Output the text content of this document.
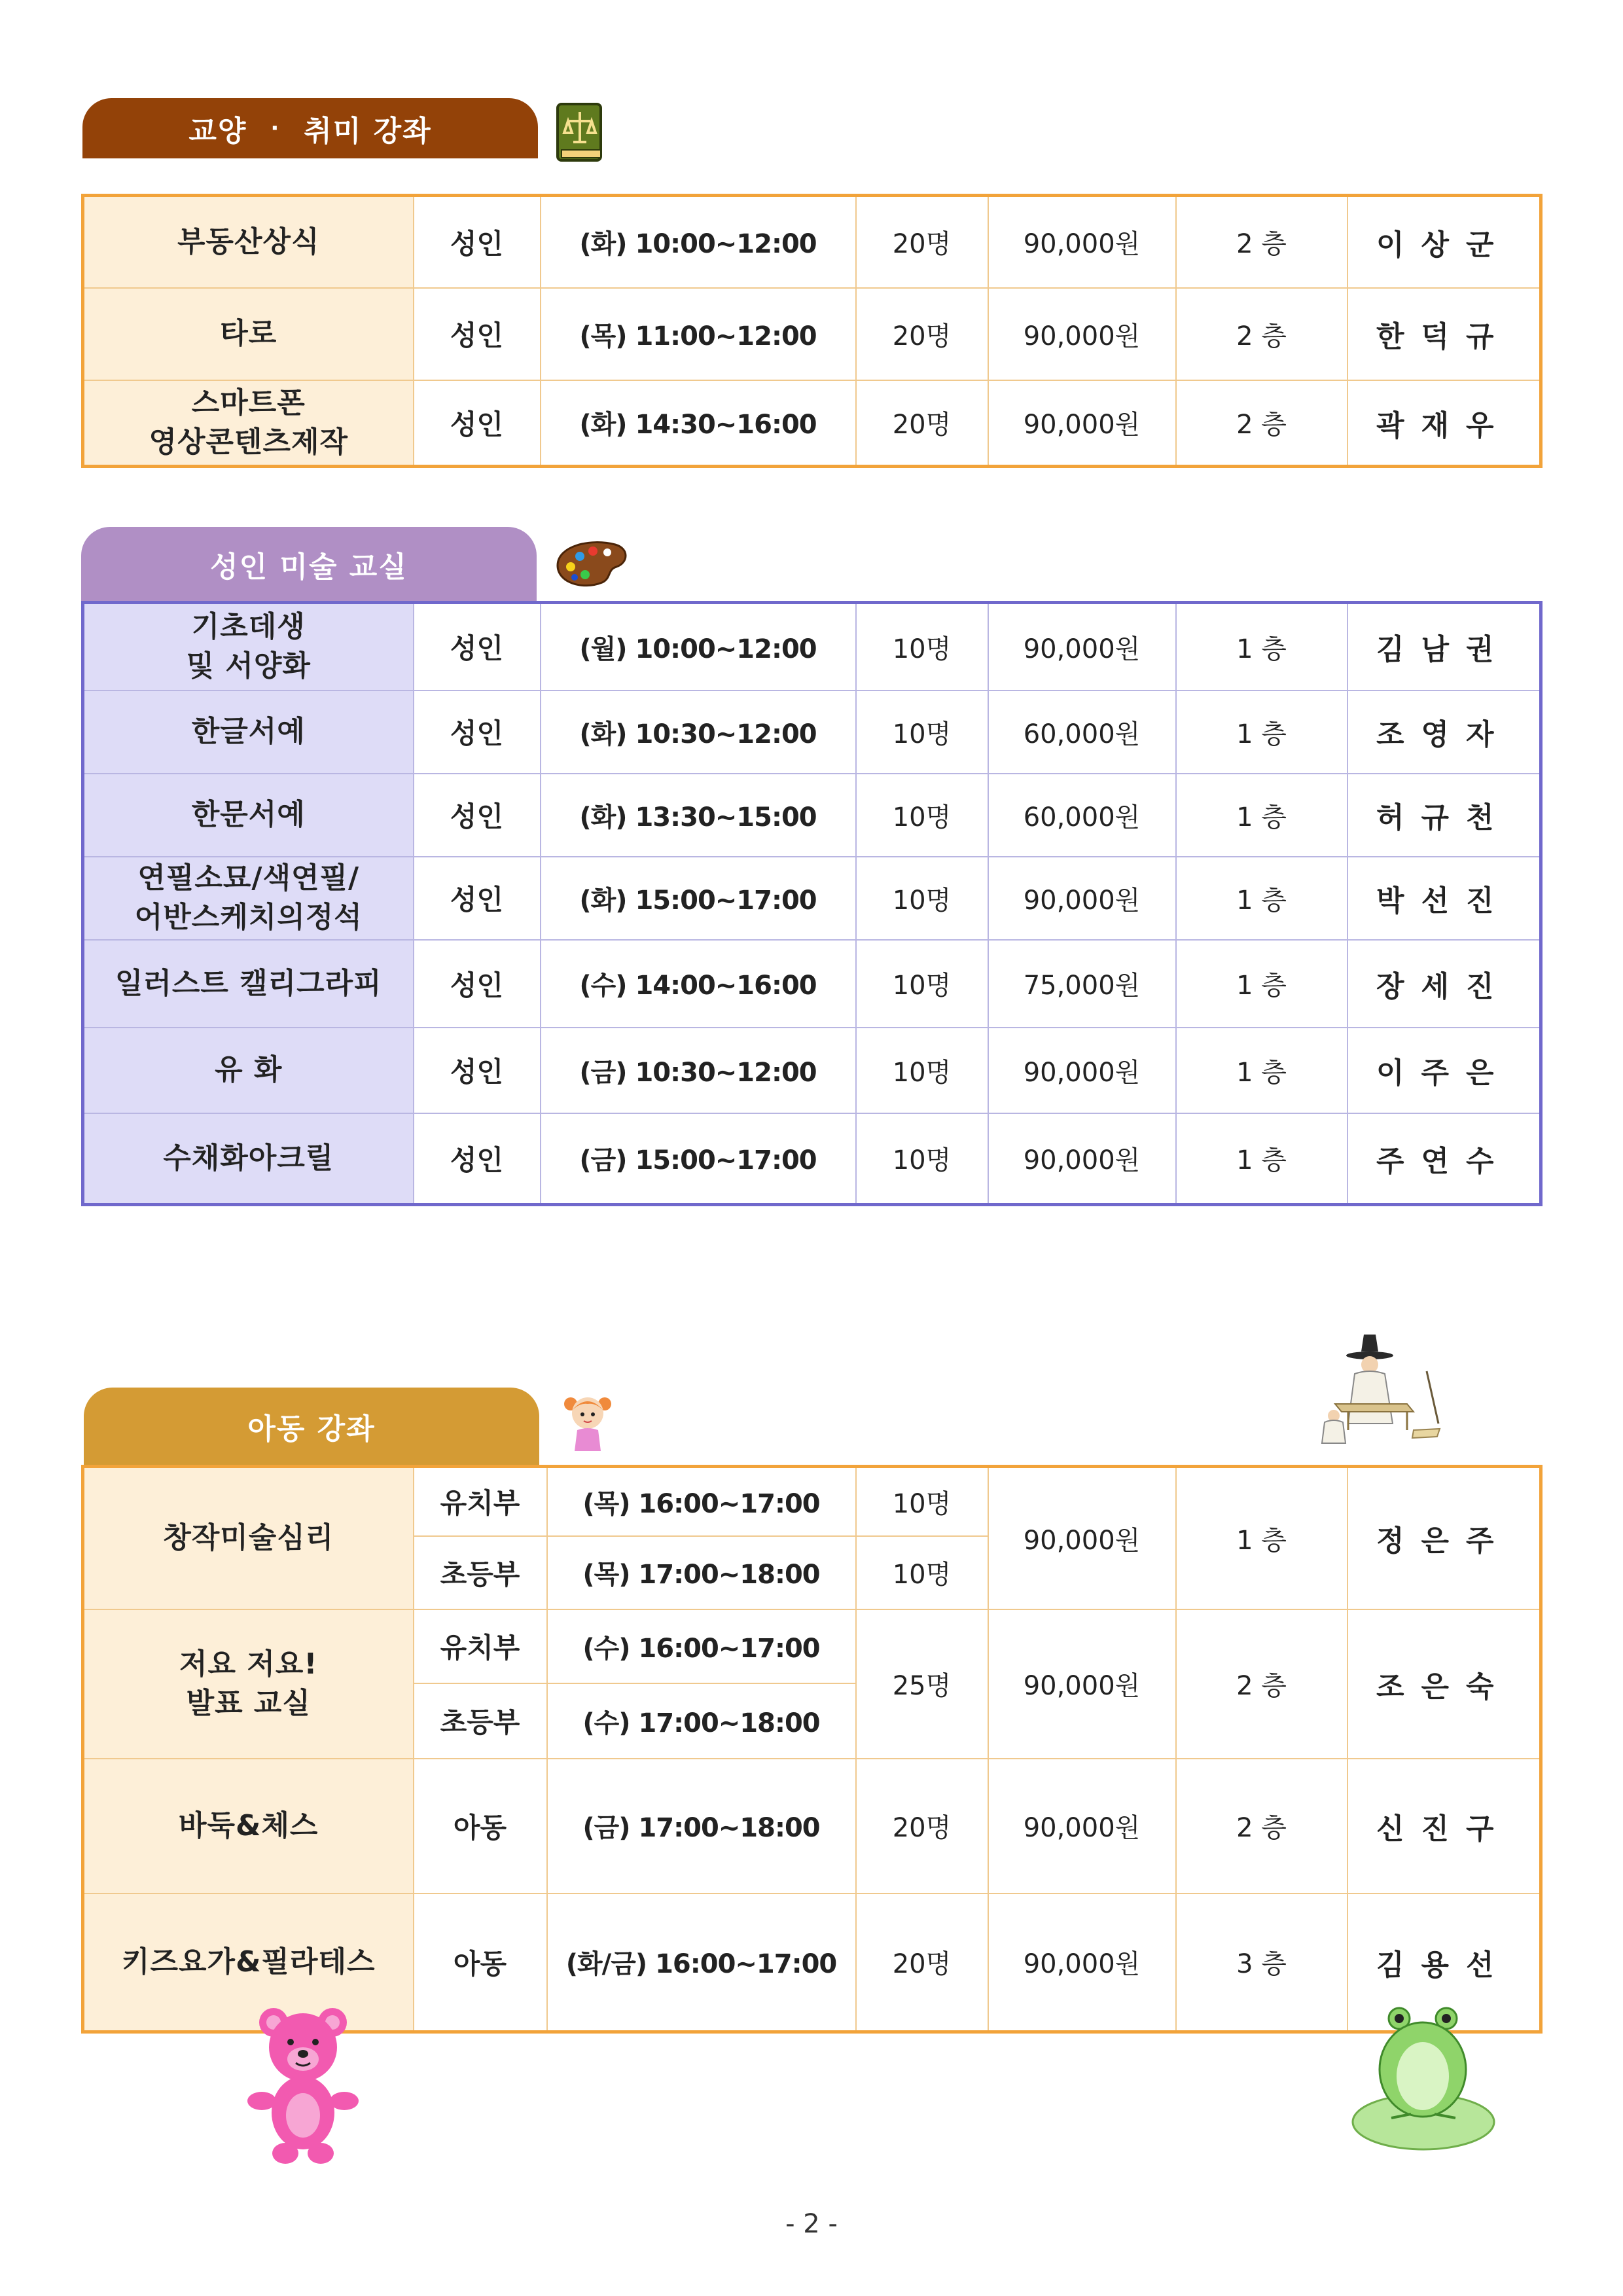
교양 · 취미 강좌
부동산상식	성인	(화) 10:00~12:00	20명	90,000원	2 층	이상군
타로	성인	(목) 11:00~12:00	20명	90,000원	2 층	한덕규

스마트폰
영상콘텐츠제작	성인	(화) 14:30~16:00	20명	90,000원	2 층	곽재우
성인 미술 교실
기초데생
및 서양화	성인	(월) 10:00~12:00	10명	90,000원	1 층	김남권
한글서예	성인	(화) 10:30~12:00	10명	60,000원	1 층	조영자
한문서예	성인	(화) 13:30~15:00	10명	60,000원	1 층	허규천

연필소묘/색연필/
어반스케치의정석	성인	(화) 15:00~17:00	10명	90,000원	1 층	박선진
일러스트 캘리그라피	성인	(수) 14:00~16:00	10명	75,000원	1 층	장세진
유 화	성인	(금) 10:30~12:00	10명	90,000원	1 층	이주은
수채화아크릴	성인	(금) 15:00~17:00	10명	90,000원	1 층	주연수
아동 강좌
창작미술심리	유치부	(목) 16:00~17:00	10명	90,000원	1 층	정은주
	초등부	(목) 17:00~18:00	10명			

저요 저요!
발표 교실	유치부	(수) 16:00~17:00	25명	90,000원	2 층	조은숙
	초등부	(수) 17:00~18:00				
바둑&체스	아동	(금) 17:00~18:00	20명	90,000원	2 층	신진구
키즈요가&필라테스	아동	(화/금) 16:00~17:00	20명	90,000원	3 층	김용선
- 2 -
